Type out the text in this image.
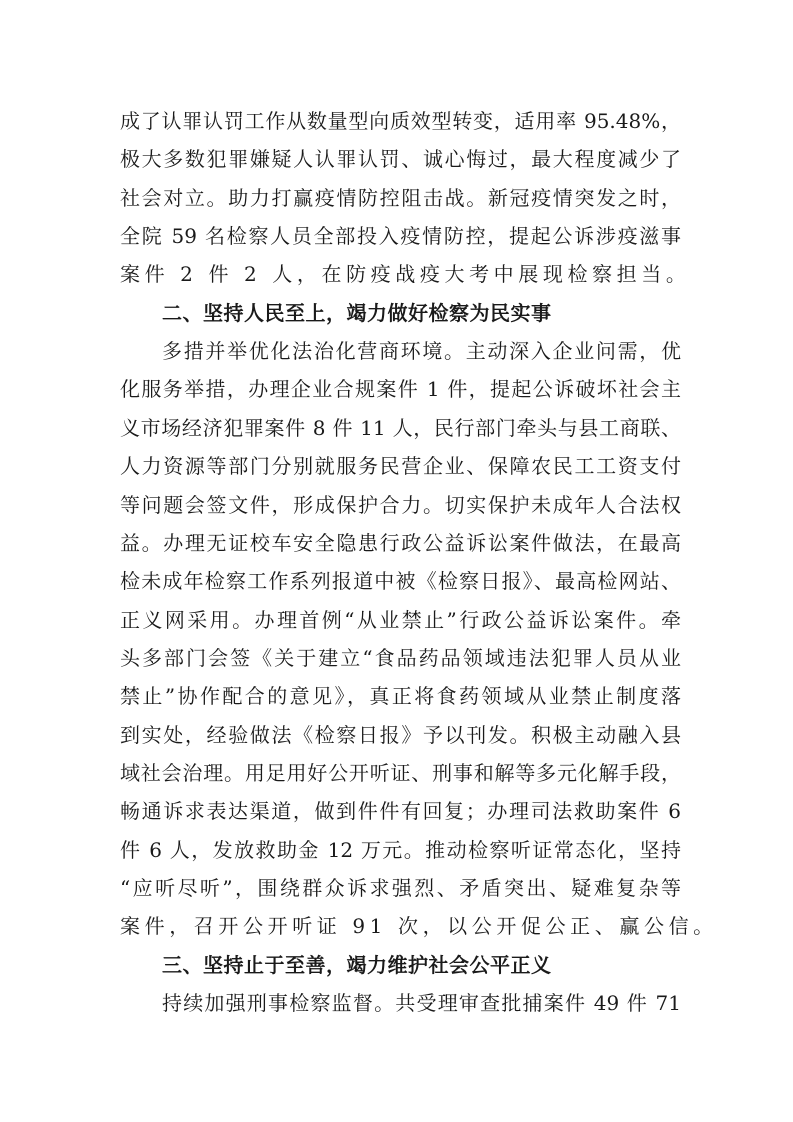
成了认罪认罚工作从数量型向质效型转变，适用率 95.48%，
极大多数犯罪嫌疑人认罪认罚、诚心悔过，最大程度减少了
社会对立。助力打赢疫情防控阻击战。新冠疫情突发之时，
全院 59 名检察人员全部投入疫情防控，提起公诉涉疫滋事
案件 2 件 2 人，在防疫战疫大考中展现检察担当。
二、坚持人民至上，竭力做好检察为民实事
多措并举优化法治化营商环境。主动深入企业问需，优
化服务举措，办理企业合规案件 1 件，提起公诉破坏社会主
义市场经济犯罪案件 8 件 11 人，民行部门牵头与县工商联、
人力资源等部门分别就服务民营企业、保障农民工工资支付
等问题会签文件，形成保护合力。切实保护未成年人合法权
益。办理无证校车安全隐患行政公益诉讼案件做法，在最高
检未成年检察工作系列报道中被《检察日报》、最高检网站、
正义网采用。办理首例“从业禁止”行政公益诉讼案件。牵
头多部门会签《关于建立“食品药品领域违法犯罪人员从业
禁止”协作配合的意见》，真正将食药领域从业禁止制度落
到实处，经验做法《检察日报》予以刊发。积极主动融入县
域社会治理。用足用好公开听证、刑事和解等多元化解手段，
畅通诉求表达渠道，做到件件有回复；办理司法救助案件 6
件 6 人，发放救助金 12 万元。推动检察听证常态化，坚持
“应听尽听”，围绕群众诉求强烈、矛盾突出、疑难复杂等
案件，召开公开听证 91 次，以公开促公正、赢公信。
三、坚持止于至善，竭力维护社会公平正义
持续加强刑事检察监督。共受理审查批捕案件 49 件 71
